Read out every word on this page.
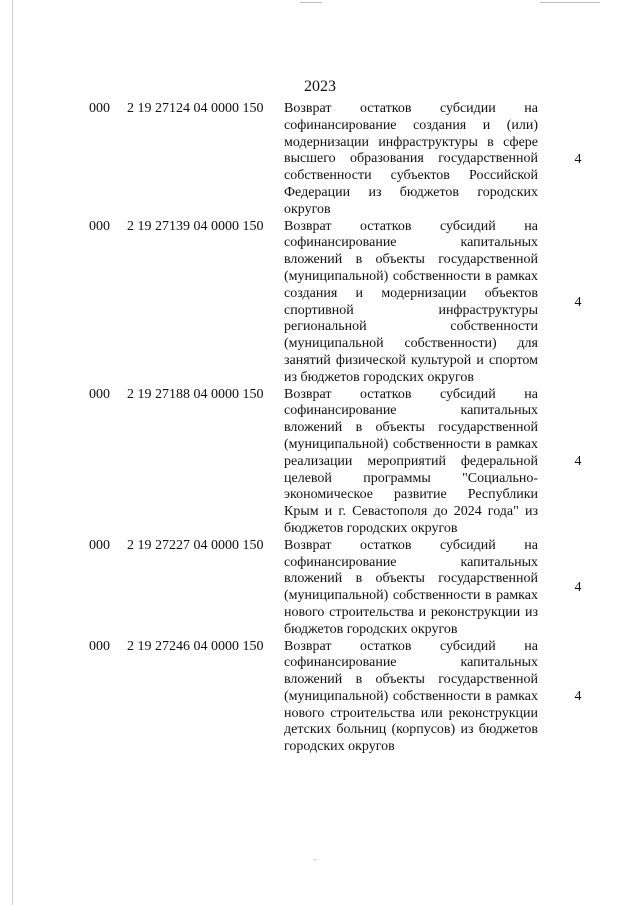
2023
000 2 19 27124 04 0000 150 Возврат остатков субсидии на софинансирование создания и (или) модернизации инфраструктуры в сфере высшего образования государственной собственности субъектов Российской Федерации из бюджетов городских округов
4
000 2 19 27139 04 0000 150 Возврат остатков субсидий на софинансирование капитальных вложений в объекты государственной (муниципальной) собственности в рамках создания и модернизации объектов спортивной инфраструктуры региональной собственности (муниципальной собственности) для занятий физической культурой и спортом из бюджетов городских округов
4
000 2 19 27188 04 0000 150 Возврат остатков субсидий на софинансирование капитальных вложений в объекты государственной (муниципальной) собственности в рамках реализации мероприятий федеральной целевой программы "Социально-экономическое развитие Республики Крым и г. Севастополя до 2024 года" из бюджетов городских округов
4
000 2 19 27227 04 0000 150 Возврат остатков субсидий на софинансирование капитальных вложений в объекты государственной (муниципальной) собственности в рамках нового строительства и реконструкции из бюджетов городских округов
4
000 2 19 27246 04 0000 150 Возврат остатков субсидий на софинансирование капитальных вложений в объекты государственной (муниципальной) собственности в рамках нового строительства или реконструкции детских больниц (корпусов) из бюджетов городских округов
4
